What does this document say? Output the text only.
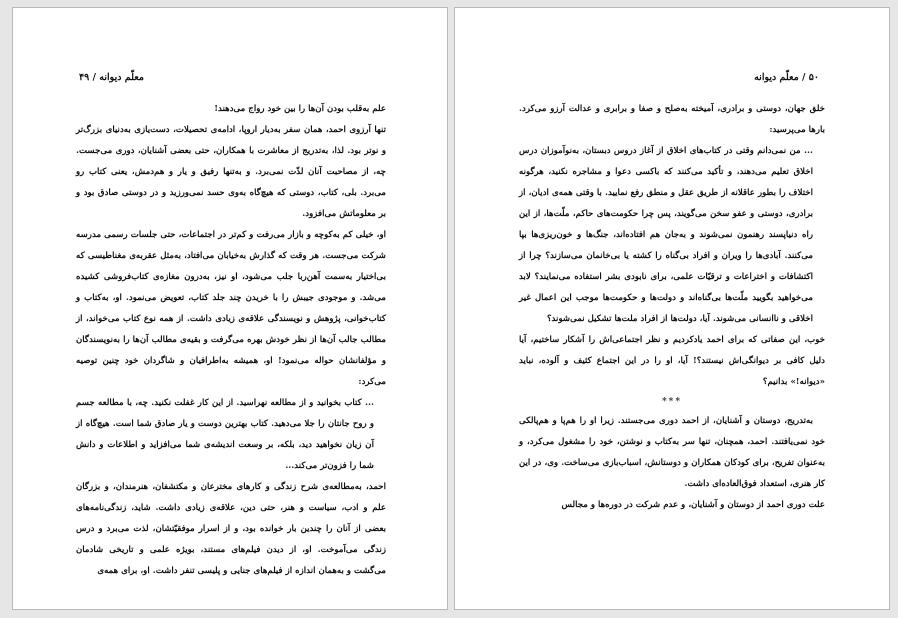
معلّم دیوانه / ۴۹

علم به‌قلب بودن آن‌ها را بین خود رواج می‌دهند!

تنها آرزوی احمد، همان سفر به‌دیار اروپا، ادامه‌ی تحصیلات، دست‌یازی به‌دنیای بزرگ‌تر و نوتر بود. لذا، به‌تدریج از معاشرت با همکاران، حتی بعضی آشنایان، دوری می‌جست. چه، از مصاحبت آنان لذّت نمی‌برد. و به‌تنها رفیق و یار و هم‌دمش، یعنی کتاب رو می‌برد. بلی، کتاب، دوستی که هیچ‌گاه به‌وی حسد نمی‌ورزید و در دوستی صادق بود و بر معلوماتش می‌افزود.

او، خیلی کم به‌کوچه و بازار می‌رفت و کم‌تر در اجتماعات، حتی جلسات رسمی مدرسه شرکت می‌جست. هر وقت که گذارش به‌خیابان می‌افتاد، به‌مثل عقربه‌ی مغناطیسی که بی‌اختیار به‌سمت آهن‌ربا جلب می‌شود، او نیز، به‌درون مغازه‌ی کتاب‌فروشی کشیده می‌شد. و موجودی جیبش را با خریدن چند جلد کتاب، تعویض می‌نمود. او، به‌کتاب و کتاب‌خوانی، پژوهش و نویسندگی علاقه‌ی زیادی داشت. از همه نوع کتاب می‌خواند، از مطالب جالب آن‌ها از نظر خودش بهره می‌گرفت و بقیه‌ی مطالب آن‌ها را به‌نویسندگان و مؤلفانشان حواله می‌نمود! او، همیشه به‌اطرافیان و شاگردان خود چنین توصیه می‌کرد:

... کتاب بخوانید و از مطالعه نهراسید. از این کار غفلت نکنید. چه، با مطالعه جسم و روح جانتان را جلا می‌دهید. کتاب بهترین دوست و یار صادق شما است. هیچ‌گاه از آن زیان نخواهید دید، بلکه، بر وسعت اندیشه‌ی شما می‌افزاید و اطلاعات و دانش شما را فزون‌تر می‌کند...

احمد، به‌مطالعه‌ی شرح زندگی و کارهای مخترعان و مکتشفان، هنرمندان، و بزرگان علم و ادب، سیاست و هنر، حتی دین، علاقه‌ی زیادی داشت. شاید، زندگی‌نامه‌های بعضی از آنان را چندین بار خوانده بود، و از اسرار موفقیّتشان، لذت می‌برد و درس زندگی می‌آموخت. او، از دیدن فیلم‌های مستند، بویژه علمی و تاریخی شادمان می‌گشت و به‌همان اندازه از فیلم‌های جنایی و پلیسی تنفر داشت. او، برای همه‌ی

۵۰ / معلّم دیوانه

خلق جهان، دوستی و برادری، آمیخته به‌صلح و صفا و برابری و عدالت آرزو می‌کرد. بارها می‌پرسید:

... من نمی‌دانم وقتی در کتاب‌های اخلاق از آغاز دروس دبستان، به‌نوآموزان درس اخلاق تعلیم می‌دهند، و تأکید می‌کنند که باکسی دعوا و مشاجره نکنید، هرگونه اختلاف را بطور عاقلانه از طریق عقل و منطق رفع نمایید. با وقتی همه‌ی ادیان، از برادری، دوستی و عفو سخن می‌گویند، پس چرا حکومت‌های حاکم، ملّت‌ها، از این راه دنیاپسند رهنمون نمی‌شوند و به‌جان هم افتاده‌اند، جنگ‌ها و خون‌ریزی‌ها بپا می‌کنند. آبادی‌ها را ویران و افراد بی‌گناه را کشته یا بی‌خانمان می‌سازند؟ چرا از اکتشافات و اختراعات و ترقیّات علمی، برای نابودی بشر استفاده می‌نمایند؟ لابد می‌خواهید بگویید ملّت‌ها بی‌گناه‌اند و دولت‌ها و حکومت‌ها موجب این اعمال غیر اخلاقی و ناانسانی می‌شوند. آیا، دولت‌ها از افراد ملت‌ها تشکیل نمی‌شوند؟

خوب، این صفاتی که برای احمد یادکردیم و نظر اجتماعی‌اش را آشکار ساختیم، آیا دلیل کافی بر دیوانگی‌اش نیستند؟! آیا، او را در این اجتماع کثیف و آلوده، نباید «دیوانه!» بدانیم؟

***

به‌تدریج، دوستان و آشنایان، از احمد دوری می‌جستند. زیرا او را هم‌پا و هم‌پالکی خود نمی‌یافتند. احمد، همچنان، تنها سر به‌کتاب و نوشتن، خود را مشغول می‌کرد، و به‌عنوان تفریح، برای کودکان همکاران و دوستانش، اسباب‌بازی می‌ساخت. وی، در این کار هنری، استعداد فوق‌العاده‌ای داشت.

علت دوری احمد از دوستان و آشنایان، و عدم شرکت در دوره‌ها و مجالس
